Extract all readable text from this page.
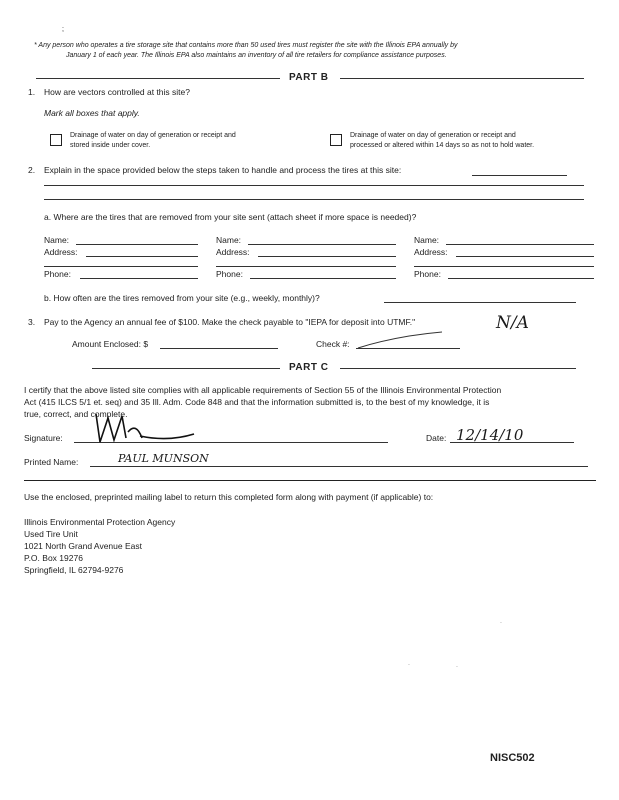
;
* Any person who operates a tire storage site that contains more than 50 used tires must register the site with the Illinois EPA annually by
January 1 of each year. The Illinois EPA also maintains an inventory of all tire retailers for compliance assistance purposes.
PART B
1. How are vectors controlled at this site?
Mark all boxes that apply.
Drainage of water on day of generation or receipt and
stored inside under cover.
Drainage of water on day of generation or receipt and
processed or altered within 14 days so as not to hold water.
2. Explain in the space provided below the steps taken to handle and process the tires at this site:
a. Where are the tires that are removed from your site sent (attach sheet if more space is needed)?
Name:
Address:
Phone:
Name:
Address:
Phone:
Name:
Address:
Phone:
b. How often are the tires removed from your site (e.g., weekly, monthly)?
3. Pay to the Agency an annual fee of $100. Make the check payable to "IEPA for deposit into UTMF."	N/A
Amount Enclosed: $	Check #:
PART C
I certify that the above listed site complies with all applicable requirements of Section 55 of the Illinois Environmental Protection
Act (415 ILCS 5/1 et. seq) and 35 Ill. Adm. Code 848 and that the information submitted is, to the best of my knowledge, it is
true, correct, and complete.
Signature:	Date: 12/14/10
Printed Name:	PAUL MUNSON
Use the enclosed, preprinted mailing label to return this completed form along with payment (if applicable) to:
Illinois Environmental Protection Agency
Used Tire Unit
1021 North Grand Avenue East
P.O. Box 19276
Springfield, IL 62794-9276
.
.	.
NISC502
